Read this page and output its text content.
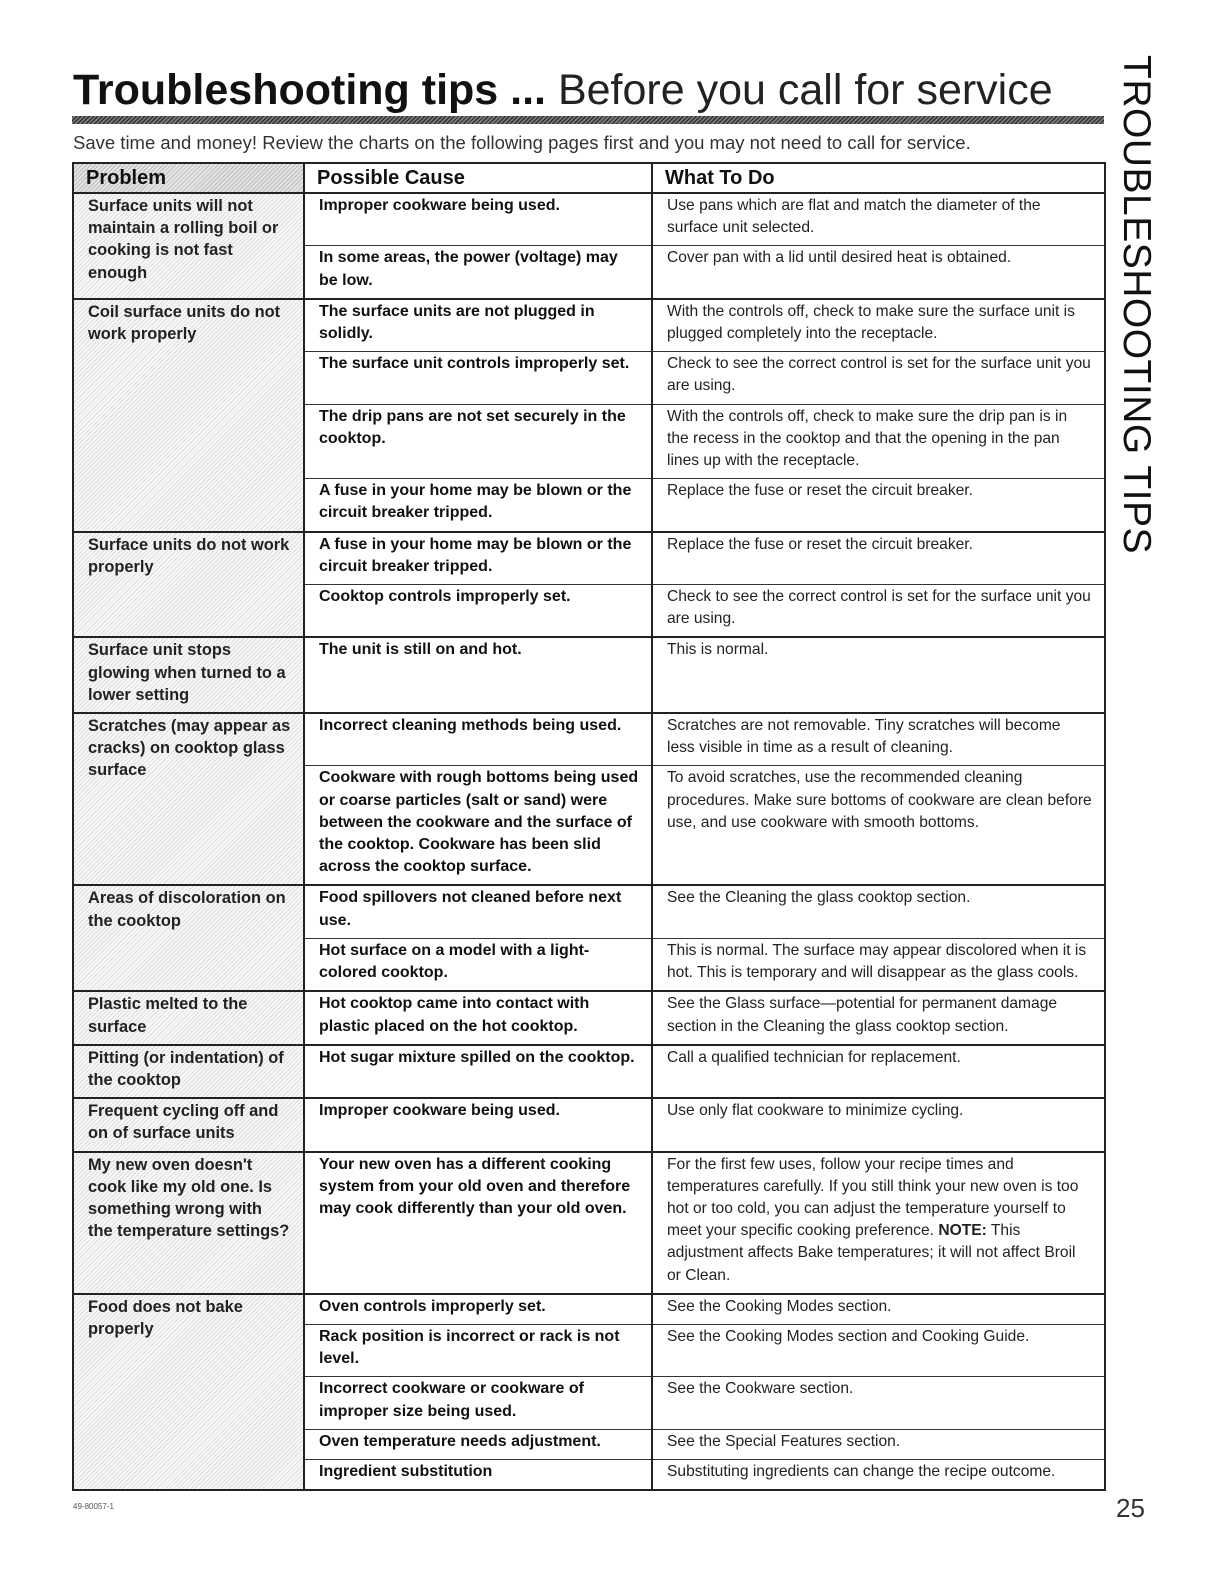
Troubleshooting tips ... Before you call for service

Save time and money! Review the charts on the following pages first and you may not need to call for service.	TROUBLESHOOTING TIPS
Problem	Possible Cause	What To Do
Surface units will not maintain a rolling boil or cooking is not fast enough	Improper cookware being used.	Use pans which are flat and match the diameter of the surface unit selected.
	In some areas, the power (voltage) may be low.	Cover pan with a lid until desired heat is obtained.
Coil surface units do not work properly	The surface units are not plugged in solidly.	With the controls off, check to make sure the surface unit is plugged completely into the receptacle.
	The surface unit controls improperly set.	Check to see the correct control is set for the surface unit you are using.
	The drip pans are not set securely in the cooktop.	With the controls off, check to make sure the drip pan is in the recess in the cooktop and that the opening in the pan lines up with the receptacle.
	A fuse in your home may be blown or the circuit breaker tripped.	Replace the fuse or reset the circuit breaker.
Surface units do not work properly	A fuse in your home may be blown or the circuit breaker tripped.	Replace the fuse or reset the circuit breaker.
	Cooktop controls improperly set.	Check to see the correct control is set for the surface unit you are using.
Surface unit stops glowing when turned to a lower setting	The unit is still on and hot.	This is normal.
Scratches (may appear as cracks) on cooktop glass surface	Incorrect cleaning methods being used.	Scratches are not removable. Tiny scratches will become less visible in time as a result of cleaning.
	Cookware with rough bottoms being used or coarse particles (salt or sand) were between the cookware and the surface of the cooktop. Cookware has been slid across the cooktop surface.	To avoid scratches, use the recommended cleaning procedures. Make sure bottoms of cookware are clean before use, and use cookware with smooth bottoms.
Areas of discoloration on the cooktop	Food spillovers not cleaned before next use.	See the Cleaning the glass cooktop section.
	Hot surface on a model with a light-colored cooktop.	This is normal. The surface may appear discolored when it is hot. This is temporary and will disappear as the glass cools.
Plastic melted to the surface	Hot cooktop came into contact with plastic placed on the hot cooktop.	See the Glass surface—potential for permanent damage section in the Cleaning the glass cooktop section.
Pitting (or indentation) of the cooktop	Hot sugar mixture spilled on the cooktop.	Call a qualified technician for replacement.
Frequent cycling off and on of surface units	Improper cookware being used.	Use only flat cookware to minimize cycling.
My new oven doesn't cook like my old one. Is something wrong with the temperature settings?	Your new oven has a different cooking system from your old oven and therefore may cook differently than your old oven.	For the first few uses, follow your recipe times and temperatures carefully. If you still think your new oven is too hot or too cold, you can adjust the temperature yourself to meet your specific cooking preference. NOTE: This adjustment affects Bake temperatures; it will not affect Broil or Clean.
Food does not bake properly	Oven controls improperly set.	See the Cooking Modes section.
	Rack position is incorrect or rack is not level.	See the Cooking Modes section and Cooking Guide.
	Incorrect cookware or cookware of improper size being used.	See the Cookware section.
	Oven temperature needs adjustment.	See the Special Features section.
	Ingredient substitution	Substituting ingredients can change the recipe outcome.
49-80057-1	25
